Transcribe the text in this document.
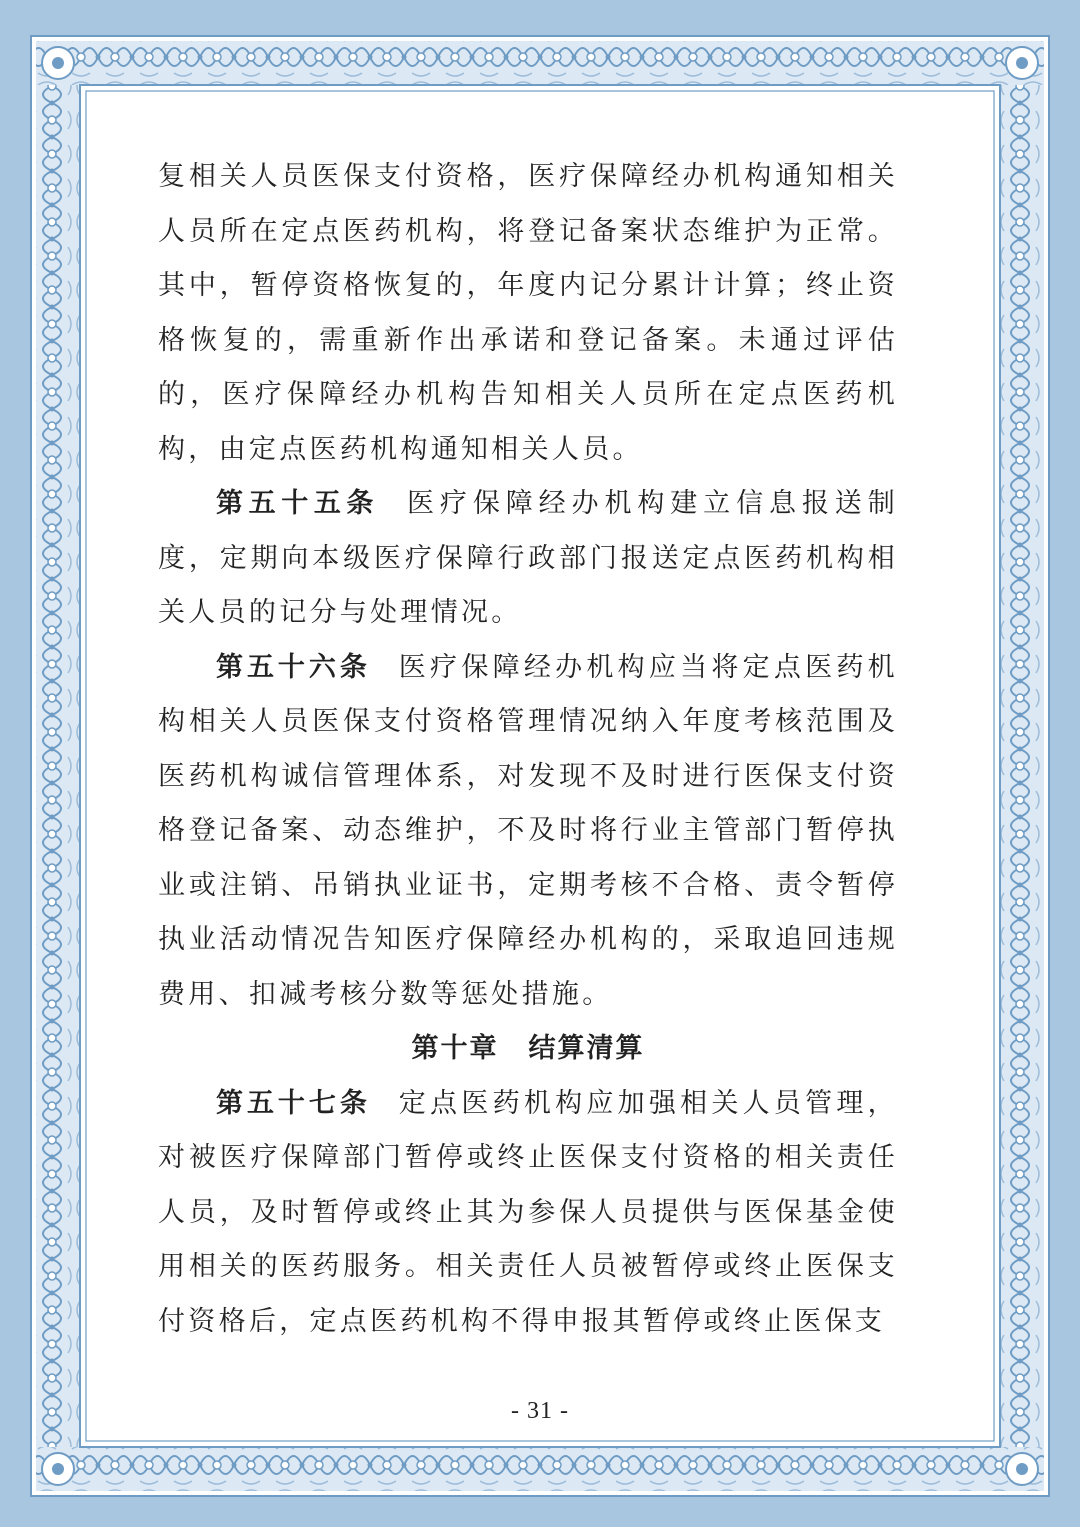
复相关人员医保支付资格，医疗保障经办机构通知相关人员所在定点医药机构，将登记备案状态维护为正常。其中，暂停资格恢复的，年度内记分累计计算；终止资格恢复的，需重新作出承诺和登记备案。未通过评估的，医疗保障经办机构告知相关人员所在定点医药机构，由定点医药机构通知相关人员。

第五十五条 医疗保障经办机构建立信息报送制度，定期向本级医疗保障行政部门报送定点医药机构相关人员的记分与处理情况。

第五十六条 医疗保障经办机构应当将定点医药机构相关人员医保支付资格管理情况纳入年度考核范围及医药机构诚信管理体系，对发现不及时进行医保支付资格登记备案、动态维护，不及时将行业主管部门暂停执业或注销、吊销执业证书，定期考核不合格、责令暂停执业活动情况告知医疗保障经办机构的，采取追回违规费用、扣减考核分数等惩处措施。

第十章 结算清算

第五十七条 定点医药机构应加强相关人员管理，对被医疗保障部门暂停或终止医保支付资格的相关责任人员，及时暂停或终止其为参保人员提供与医保基金使用相关的医药服务。相关责任人员被暂停或终止医保支付资格后，定点医药机构不得申报其暂停或终止医保支

- 31 -
